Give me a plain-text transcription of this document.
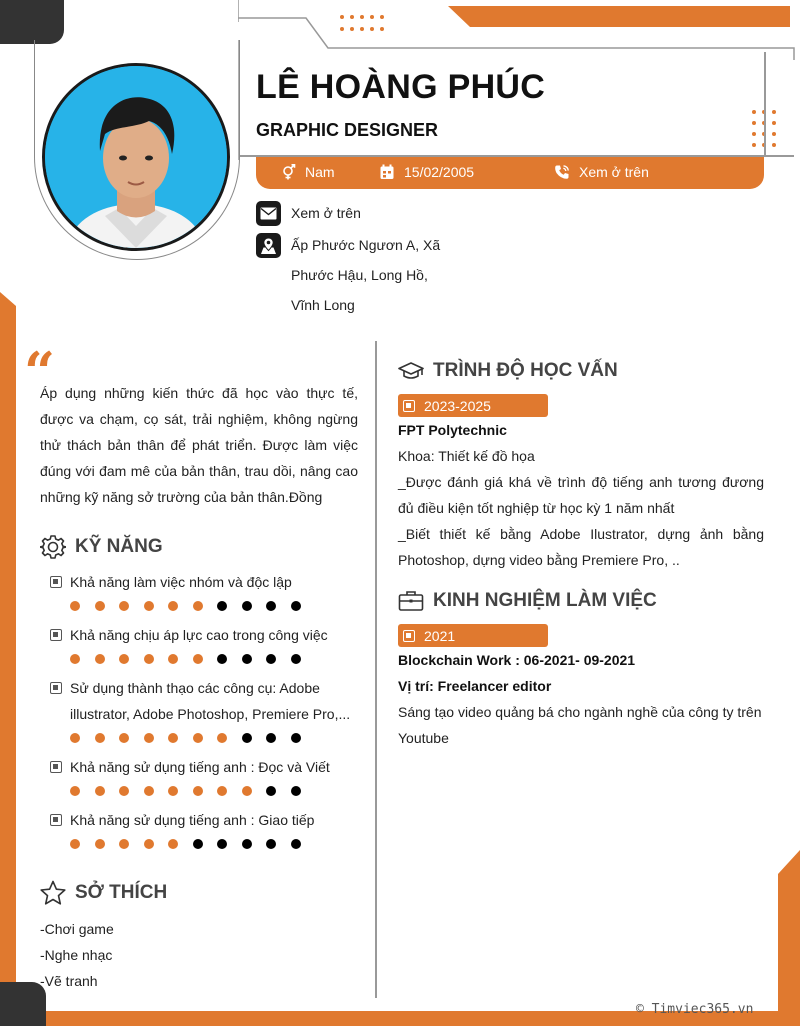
LÊ HOÀNG PHÚC
GRAPHIC DESIGNER
Nam	15/02/2005	Xem ở trên
Xem ở trên
Ấp Phước Ngươn A, Xã
Phước Hậu, Long Hồ,
Vĩnh Long
“
Áp dụng những kiến thức đã học vào thực tế, được va chạm, cọ sát, trải nghiệm, không ngừng thử thách bản thân để phát triển. Được làm việc đúng với đam mê của bản thân, trau dồi, nâng cao những kỹ năng sở trường của bản thân.Đồng
KỸ NĂNG
Khả năng làm việc nhóm và độc lập
Khả năng chịu áp lực cao trong công việc
Sử dụng thành thạo các công cụ: Adobe
illustrator, Adobe Photoshop, Premiere Pro,...
Khả năng sử dụng tiếng anh : Đọc và Viết
Khả năng sử dụng tiếng anh : Giao tiếp
SỞ THÍCH
-Chơi game
-Nghe nhạc
-Vẽ tranh
TRÌNH ĐỘ HỌC VẤN
2023-2025
FPT Polytechnic
Khoa: Thiết kế đồ họa
_Được đánh giá khá về trình độ tiếng anh tương đương đủ điều kiện tốt nghiệp từ học kỳ 1 năm nhất
_Biết thiết kế bằng Adobe Ilustrator, dựng ảnh bằng Photoshop, dựng video bằng Premiere Pro, ..
KINH NGHIỆM LÀM VIỆC
2021
Blockchain Work : 06-2021- 09-2021
Vị trí: Freelancer editor
Sáng tạo video quảng bá cho ngành nghề của công ty trên Youtube
© Timviec365.vn
